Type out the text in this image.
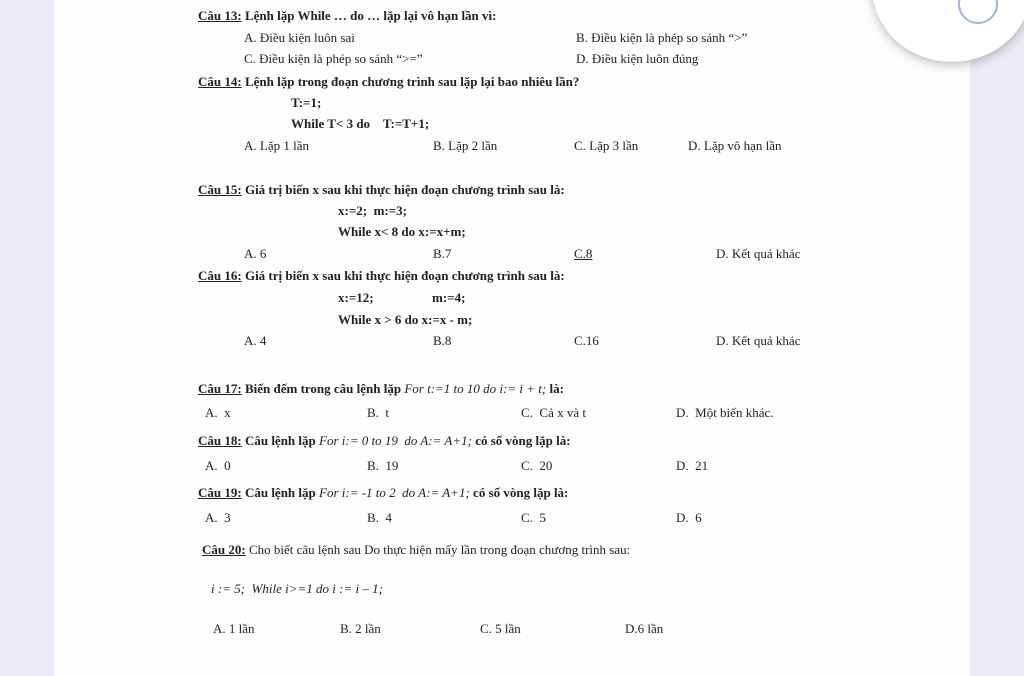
Câu 13: Lệnh lặp While … do … lặp lại vô hạn lần vì:
A. Điều kiện luôn sai	B. Điều kiện là phép so sánh “>”
C. Điều kiện là phép so sánh “>=”	D. Điều kiện luôn đúng
Câu 14: Lệnh lặp trong đoạn chương trình sau lặp lại bao nhiêu lần?
T:=1;
While T< 3 do    T:=T+1;
A. Lặp 1 lần	B. Lặp 2 lần	C. Lặp 3 lần	D. Lặp vô hạn lần
Câu 15: Giá trị biến x sau khi thực hiện đoạn chương trình sau là:
x:=2;  m:=3;
While x< 8 do x:=x+m;
A. 6	B.7	C.8	D. Kết quả khác
Câu 16: Giá trị biến x sau khi thực hiện đoạn chương trình sau là:
x:=12;	m:=4;
While x > 6 do x:=x - m;
A. 4	B.8	C.16	D. Kết quả khác
Câu 17: Biến đếm trong câu lệnh lặp For t:=1 to 10 do i:= i + t; là:
A.  x	B.  t	C.  Cả x và t	D.  Một biến khác.
Câu 18: Câu lệnh lặp For i:= 0 to 19  do A:= A+1; có số vòng lặp là:
A.  0	B.  19	C.  20	D.  21
Câu 19: Câu lệnh lặp For i:= -1 to 2  do A:= A+1; có số vòng lặp là:
A.  3	B.  4	C.  5	D.  6
Câu 20: Cho biết câu lệnh sau Do thực hiện mấy lần trong đoạn chương trình sau:
i := 5;  While i>=1 do i := i – 1;
A. 1 lần	B. 2 lần	C. 5 lần	D.6 lần
